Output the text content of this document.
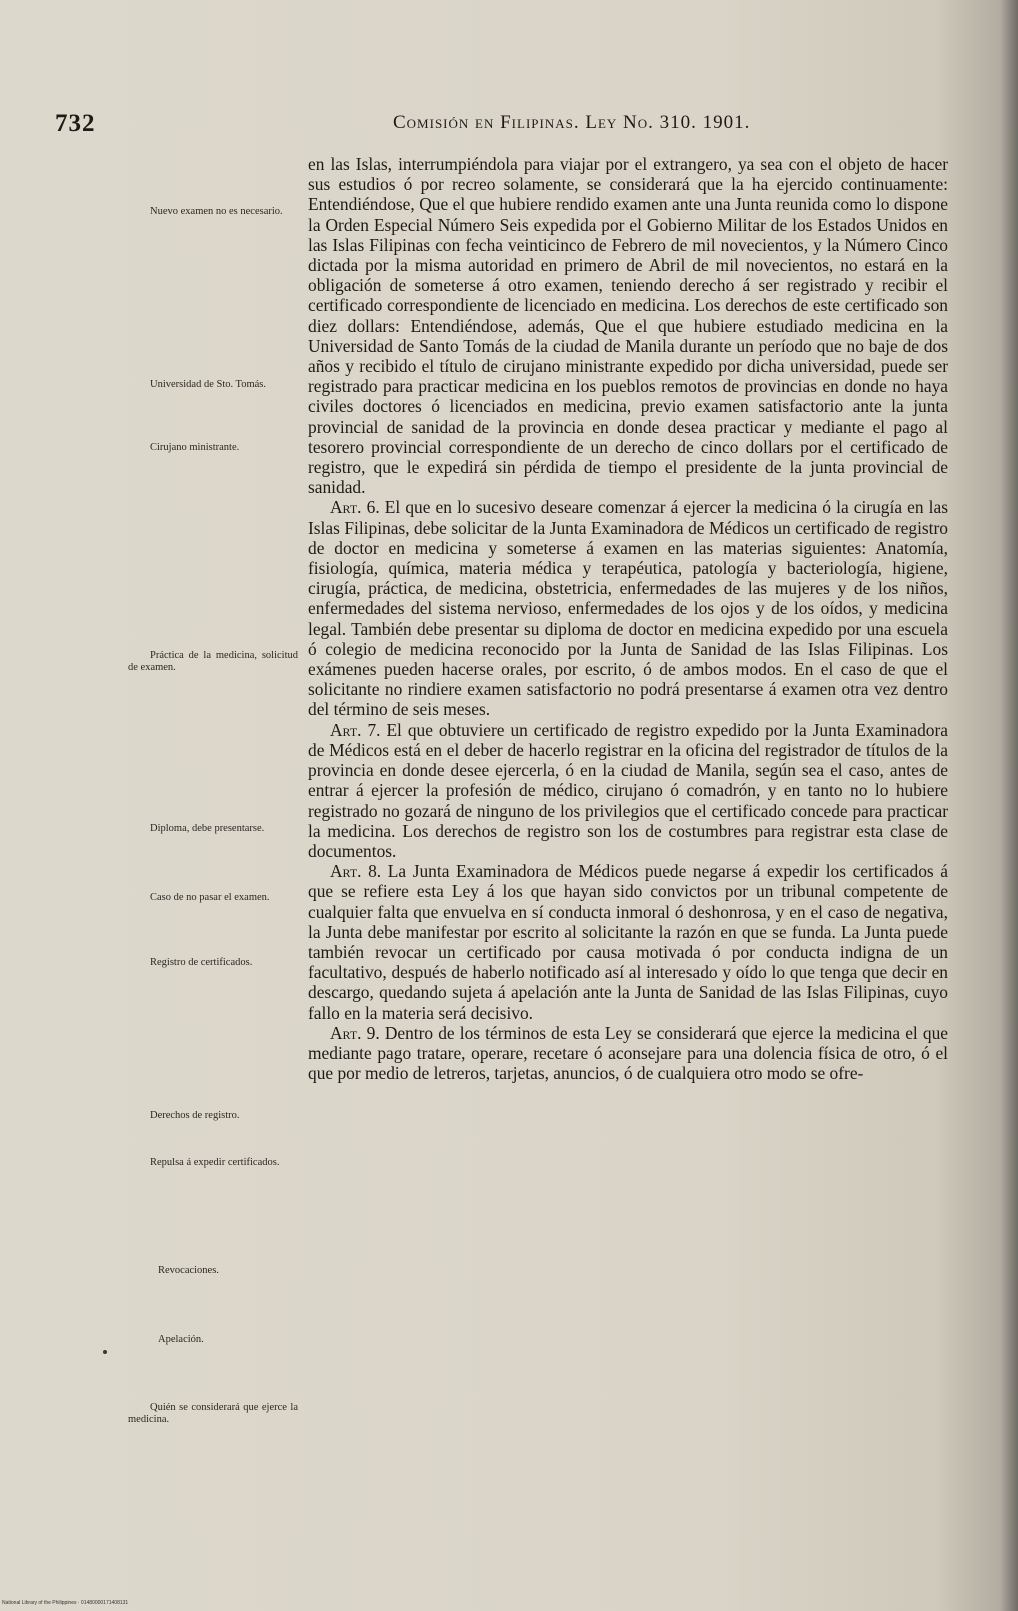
732	Comisión en Filipinas. Ley No. 310. 1901.
Nuevo examen no es necesario.
Universidad de Sto. Tomás.
Cirujano ministrante.
Práctica de la medicina, solicitud de examen.
Diploma, debe presentarse.
Caso de no pasar el examen.
Registro de certificados.
Derechos de registro.
Repulsa á expedir certificados.
Revocaciones.
Apelación.
Quién se considerará que ejerce la medicina.

en las Islas, interrumpiéndola para viajar por el extrangero, ya sea con el objeto de hacer sus estudios ó por recreo solamente, se considerará que la ha ejercido continuamente: Entendiéndose, Que el que hubiere rendido examen ante una Junta reunida como lo dispone la Orden Especial Número Seis expedida por el Gobierno Militar de los Estados Unidos en las Islas Filipinas con fecha veinticinco de Febrero de mil novecientos, y la Número Cinco dictada por la misma autoridad en primero de Abril de mil novecientos, no estará en la obligación de someterse á otro examen, teniendo derecho á ser registrado y recibir el certificado correspondiente de licenciado en medicina. Los derechos de este certificado son diez dollars: Entendiéndose, además, Que el que hubiere estudiado medicina en la Universidad de Santo Tomás de la ciudad de Manila durante un período que no baje de dos años y recibido el título de cirujano ministrante expedido por dicha universidad, puede ser registrado para practicar medicina en los pueblos remotos de provincias en donde no haya civiles doctores ó licenciados en medicina, previo examen satisfactorio ante la junta provincial de sanidad de la provincia en donde desea practicar y mediante el pago al tesorero provincial correspondiente de un derecho de cinco dollars por el certificado de registro, que le expedirá sin pérdida de tiempo el presidente de la junta provincial de sanidad.

Art. 6. El que en lo sucesivo deseare comenzar á ejercer la medicina ó la cirugía en las Islas Filipinas, debe solicitar de la Junta Examinadora de Médicos un certificado de registro de doctor en medicina y someterse á examen en las materias siguientes: Anatomía, fisiología, química, materia médica y terapéutica, patología y bacteriología, higiene, cirugía, práctica, de medicina, obstetricia, enfermedades de las mujeres y de los niños, enfermedades del sistema nervioso, enfermedades de los ojos y de los oídos, y medicina legal. También debe presentar su diploma de doctor en medicina expedido por una escuela ó colegio de medicina reconocido por la Junta de Sanidad de las Islas Filipinas. Los exámenes pueden hacerse orales, por escrito, ó de ambos modos. En el caso de que el solicitante no rindiere examen satisfactorio no podrá presentarse á examen otra vez dentro del término de seis meses.

Art. 7. El que obtuviere un certificado de registro expedido por la Junta Examinadora de Médicos está en el deber de hacerlo registrar en la oficina del registrador de títulos de la provincia en donde desee ejercerla, ó en la ciudad de Manila, según sea el caso, antes de entrar á ejercer la profesión de médico, cirujano ó comadrón, y en tanto no lo hubiere registrado no gozará de ninguno de los privilegios que el certificado concede para practicar la medicina. Los derechos de registro son los de costumbres para registrar esta clase de documentos.

Art. 8. La Junta Examinadora de Médicos puede negarse á expedir los certificados á que se refiere esta Ley á los que hayan sido convictos por un tribunal competente de cualquier falta que envuelva en sí conducta inmoral ó deshonrosa, y en el caso de negativa, la Junta debe manifestar por escrito al solicitante la razón en que se funda. La Junta puede también revocar un certificado por causa motivada ó por conducta indigna de un facultativo, después de haberlo notificado así al interesado y oído lo que tenga que decir en descargo, quedando sujeta á apelación ante la Junta de Sanidad de las Islas Filipinas, cuyo fallo en la materia será decisivo.

Art. 9. Dentro de los términos de esta Ley se considerará que ejerce la medicina el que mediante pago tratare, operare, recetare ó aconsejare para una dolencia física de otro, ó el que por medio de letreros, tarjetas, anuncios, ó de cualquiera otro modo se ofre-

National Library of the Philippines · 01480000171408131
